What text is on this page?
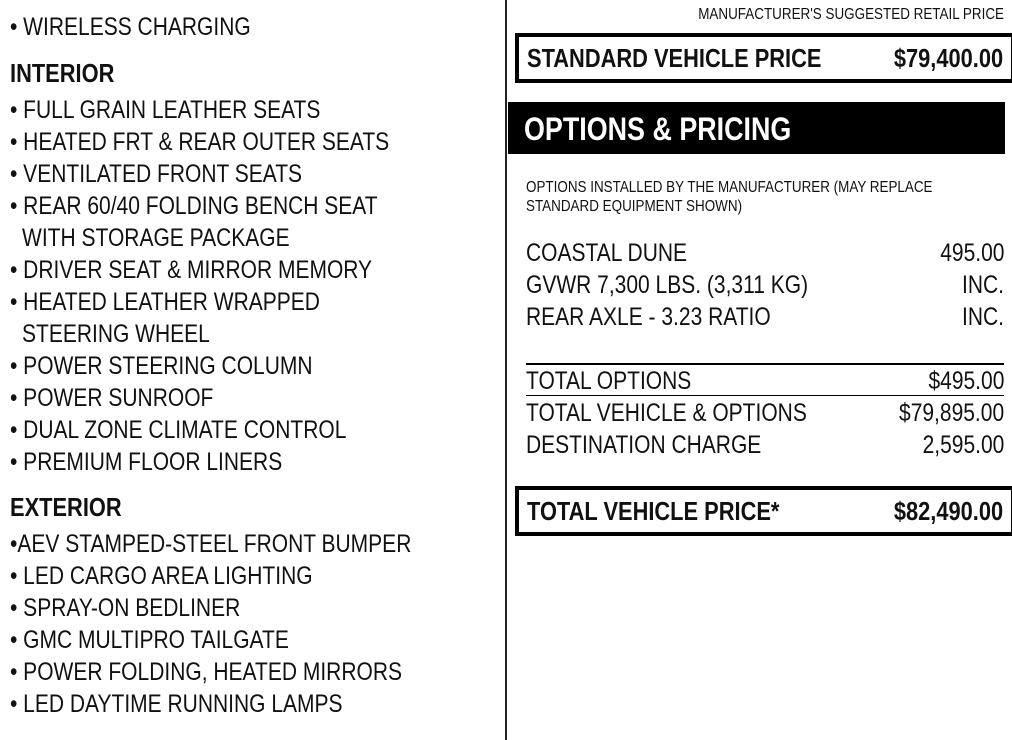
• WIRELESS CHARGING
INTERIOR
• FULL GRAIN LEATHER SEATS
• HEATED FRT & REAR OUTER SEATS
• VENTILATED FRONT SEATS
• REAR 60/40 FOLDING BENCH SEAT
WITH STORAGE PACKAGE
• DRIVER SEAT & MIRROR MEMORY
• HEATED LEATHER WRAPPED
STEERING WHEEL
• POWER STEERING COLUMN
• POWER SUNROOF
• DUAL ZONE CLIMATE CONTROL
• PREMIUM FLOOR LINERS
EXTERIOR
•AEV STAMPED-STEEL FRONT BUMPER
• LED CARGO AREA LIGHTING
• SPRAY-ON BEDLINER
• GMC MULTIPRO TAILGATE
• POWER FOLDING, HEATED MIRRORS
• LED DAYTIME RUNNING LAMPS
MANUFACTURER'S SUGGESTED RETAIL PRICE
STANDARD VEHICLE PRICE	$79,400.00
OPTIONS & PRICING
OPTIONS INSTALLED BY THE MANUFACTURER (MAY REPLACE
STANDARD EQUIPMENT SHOWN)
COASTAL DUNE	495.00
GVWR 7,300 LBS. (3,311 KG)	INC.
REAR AXLE - 3.23 RATIO	INC.
TOTAL OPTIONS	$495.00
TOTAL VEHICLE & OPTIONS	$79,895.00
DESTINATION CHARGE	2,595.00
TOTAL VEHICLE PRICE*	$82,490.00
